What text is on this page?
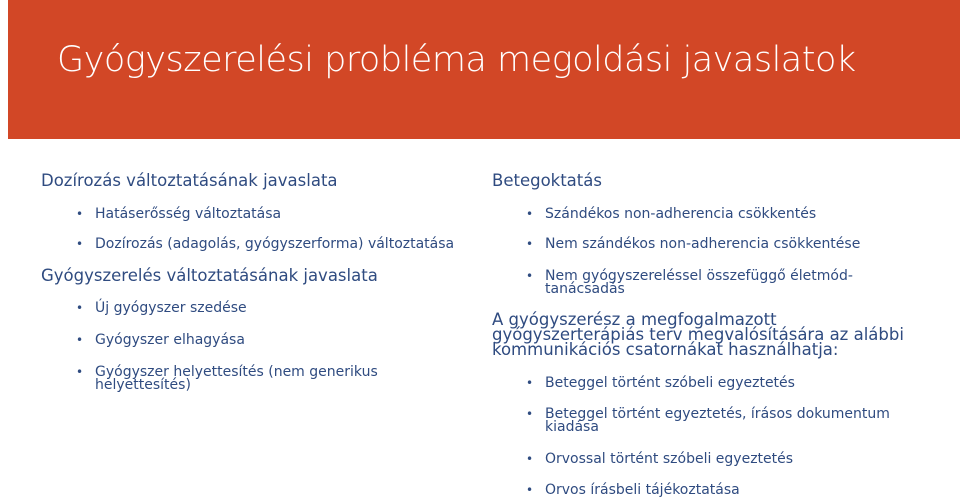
Gyógyszerelési probléma megoldási javaslatok
Dozírozás változtatásának javaslata
• Hatáserősség változtatása
• Dozírozás (adagolás, gyógyszerforma) változtatása
Gyógyszerelés változtatásának javaslata
• Új gyógyszer szedése
• Gyógyszer elhagyása
• Gyógyszer helyettesítés (nem generikus
helyettesítés)
Betegoktatás
• Szándékos non-adherencia csökkentés
• Nem szándékos non-adherencia csökkentése
• Nem gyógyszereléssel összefüggő életmód-
tanácsadás
A gyógyszerész a megfogalmazott
gyógyszerterápiás terv megvalósítására az alábbi
kommunikációs csatornákat használhatja:
• Beteggel történt szóbeli egyeztetés
• Beteggel történt egyeztetés, írásos dokumentum
kiadása
• Orvossal történt szóbeli egyeztetés
• Orvos írásbeli tájékoztatása
